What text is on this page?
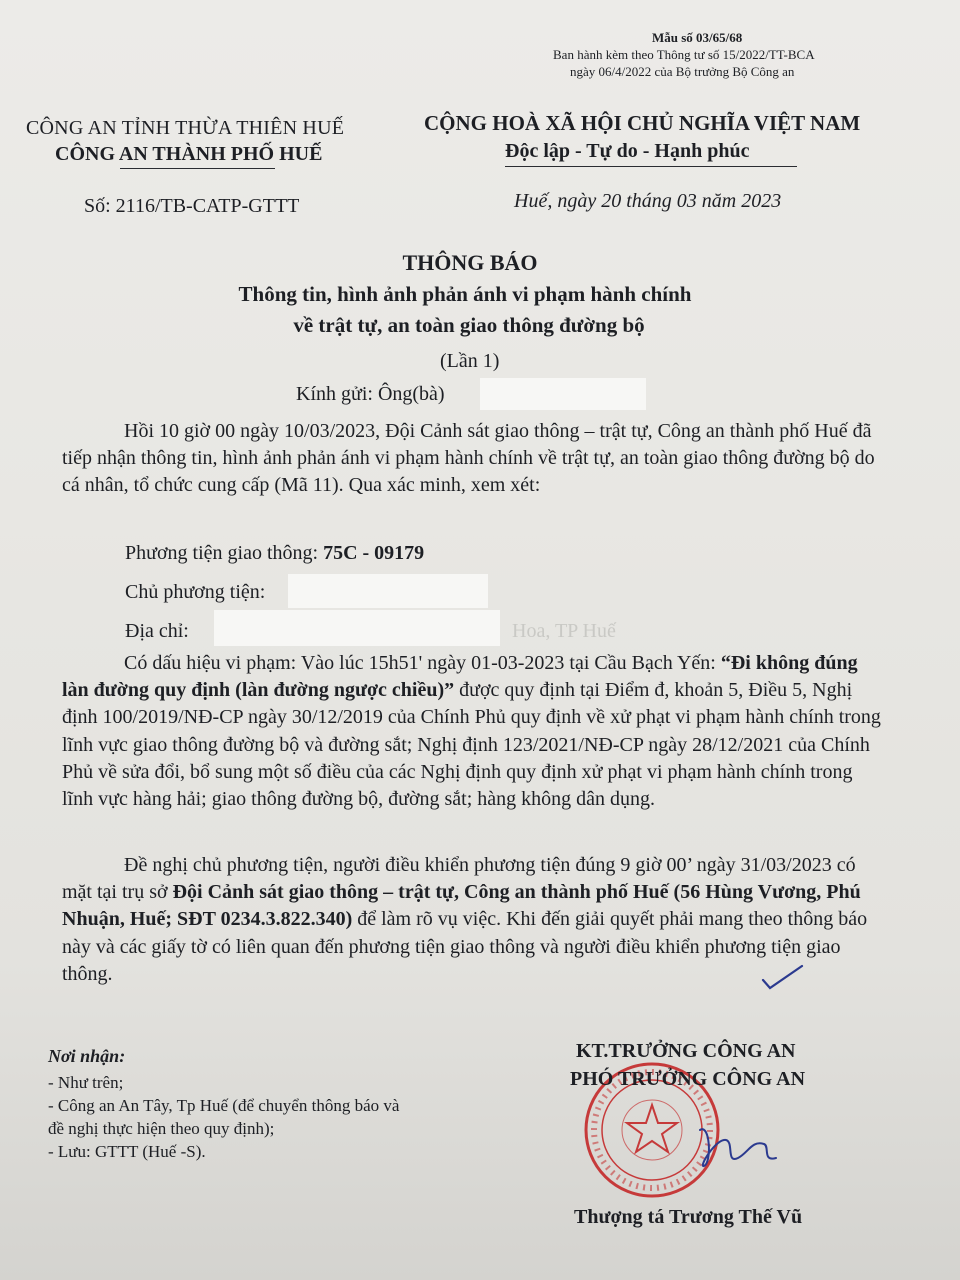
Mẫu số 03/65/68
Ban hành kèm theo Thông tư số 15/2022/TT-BCA
ngày 06/4/2022 của Bộ trưởng Bộ Công an
CÔNG AN TỈNH THỪA THIÊN HUẾ
CÔNG AN THÀNH PHỐ HUẾ
CỘNG HOÀ XÃ HỘI CHỦ NGHĨA VIỆT NAM
Độc lập - Tự do - Hạnh phúc
Số: 2116/TB-CATP-GTTT	Huế, ngày 20 tháng 03 năm 2023
THÔNG BÁO
Thông tin, hình ảnh phản ánh vi phạm hành chính
về trật tự, an toàn giao thông đường bộ
(Lần 1)
Kính gửi: Ông(bà)
Hồi 10 giờ 00 ngày 10/03/2023, Đội Cảnh sát giao thông – trật tự, Công an thành phố Huế đã tiếp nhận thông tin, hình ảnh phản ánh vi phạm hành chính về trật tự, an toàn giao thông đường bộ do cá nhân, tổ chức cung cấp (Mã 11). Qua xác minh, xem xét:
Phương tiện giao thông: 75C - 09179
Chủ phương tiện:
Địa chỉ:	Hoa, TP Huế
Có dấu hiệu vi phạm: Vào lúc 15h51' ngày 01-03-2023 tại Cầu Bạch Yến: “Đi không đúng làn đường quy định (làn đường ngược chiều)” được quy định tại Điểm đ, khoản 5, Điều 5, Nghị định 100/2019/NĐ-CP ngày 30/12/2019 của Chính Phủ quy định về xử phạt vi phạm hành chính trong lĩnh vực giao thông đường bộ và đường sắt; Nghị định 123/2021/NĐ-CP ngày 28/12/2021 của Chính Phủ về sửa đổi, bổ sung một số điều của các Nghị định quy định xử phạt vi phạm hành chính trong lĩnh vực hàng hải; giao thông đường bộ, đường sắt; hàng không dân dụng.
Đề nghị chủ phương tiện, người điều khiển phương tiện đúng 9 giờ 00’ ngày 31/03/2023 có mặt tại trụ sở Đội Cảnh sát giao thông – trật tự, Công an thành phố Huế (56 Hùng Vương, Phú Nhuận, Huế; SĐT 0234.3.822.340) để làm rõ vụ việc. Khi đến giải quyết phải mang theo thông báo này và các giấy tờ có liên quan đến phương tiện giao thông và người điều khiển phương tiện giao thông.
Nơi nhận:
- Như trên;
- Công an An Tây, Tp Huế (để chuyển thông báo và
đề nghị thực hiện theo quy định);
- Lưu: GTTT (Huế -S).
KT.TRƯỞNG CÔNG AN
PHÓ TRƯỞNG CÔNG AN
Thượng tá Trương Thế Vũ
